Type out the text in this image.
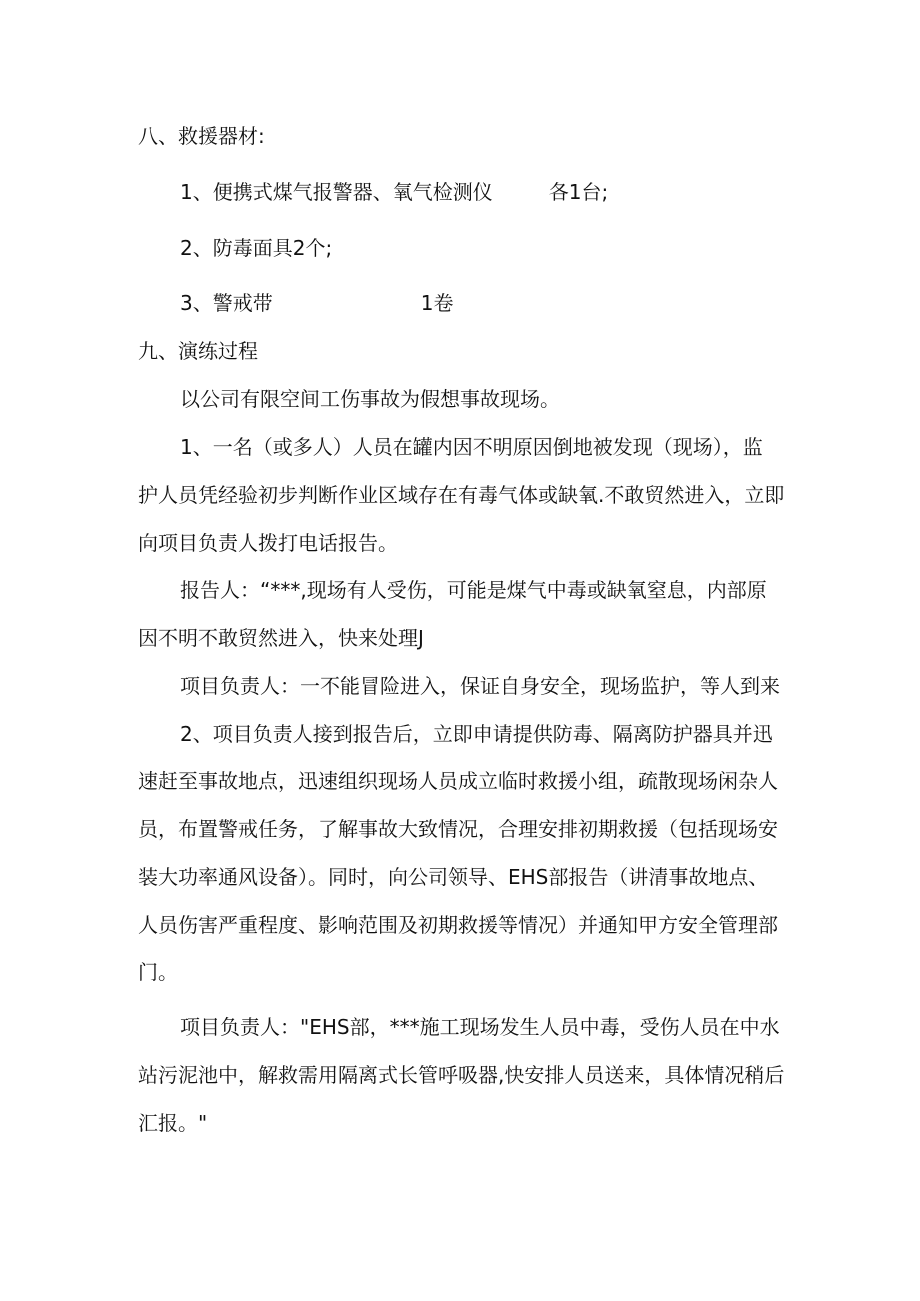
八、救援器材:

1、便携式煤气报警器、氧气检测仪	各1台;

2、防毒面具2个;

3、警戒带	1卷

九、演练过程

以公司有限空间工伤事故为假想事故现场。

1、一名（或多人）人员在罐内因不明原因倒地被发现（现场），监

护人员凭经验初步判断作业区域存在有毒气体或缺氧.不敢贸然进入，立即

向项目负责人拨打电话报告。

报告人：“***,现场有人受伤，可能是煤气中毒或缺氧窒息，内部原

因不明不敢贸然进入，快来处理J

项目负责人：一不能冒险进入，保证自身安全，现场监护，等人到来

2、项目负责人接到报告后，立即申请提供防毒、隔离防护器具并迅

速赶至事故地点，迅速组织现场人员成立临时救援小组，疏散现场闲杂人

员，布置警戒任务，了解事故大致情况，合理安排初期救援（包括现场安

装大功率通风设备）。同时，向公司领导、EHS部报告（讲清事故地点、

人员伤害严重程度、影响范围及初期救援等情况）并通知甲方安全管理部

门。

项目负责人："EHS部，***施工现场发生人员中毒，受伤人员在中水

站污泥池中，解救需用隔离式长管呼吸器,快安排人员送来，具体情况稍后

汇报。"
